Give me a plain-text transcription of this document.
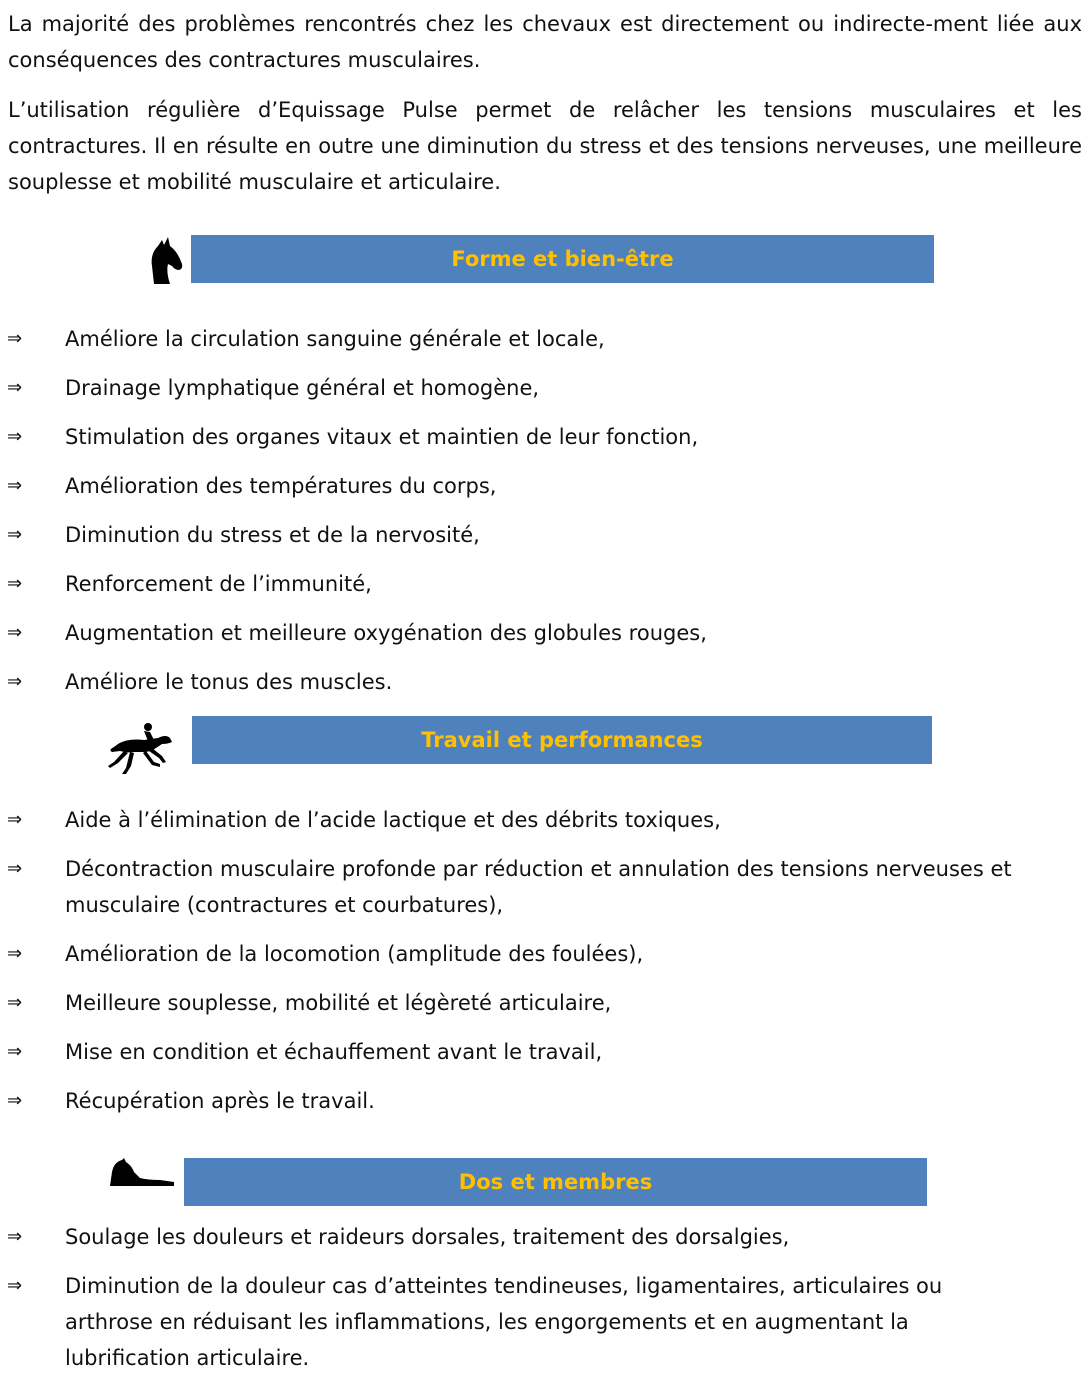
La majorité des problèmes rencontrés chez les chevaux est directement ou indirecte-ment liée aux conséquences des contractures musculaires.

L’utilisation régulière d’Equissage Pulse permet de relâcher les tensions musculaires et les contractures. Il en résulte en outre une diminution du stress et des tensions nerveuses, une meilleure souplesse et mobilité musculaire et articulaire.

Forme et bien-être
⇒ Améliore la circulation sanguine générale et locale,
⇒ Drainage lymphatique général et homogène,
⇒ Stimulation des organes vitaux et maintien de leur fonction,
⇒ Amélioration des températures du corps,
⇒ Diminution du stress et de la nervosité,
⇒ Renforcement de l’immunité,
⇒ Augmentation et meilleure oxygénation des globules rouges,
⇒ Améliore le tonus des muscles.
Travail et performances
⇒ Aide à l’élimination de l’acide lactique et des débrits toxiques,
⇒ Décontraction musculaire profonde par réduction et annulation des tensions nerveuses et musculaire (contractures et courbatures),
⇒ Amélioration de la locomotion (amplitude des foulées),
⇒ Meilleure souplesse, mobilité et légèreté articulaire,
⇒ Mise en condition et échauffement avant le travail,
⇒ Récupération après le travail.
Dos et membres
⇒ Soulage les douleurs et raideurs dorsales, traitement des dorsalgies,
⇒ Diminution de la douleur cas d’atteintes tendineuses, ligamentaires, articulaires ou arthrose en réduisant les inflammations, les engorgements et en augmentant la lubrification articulaire.
